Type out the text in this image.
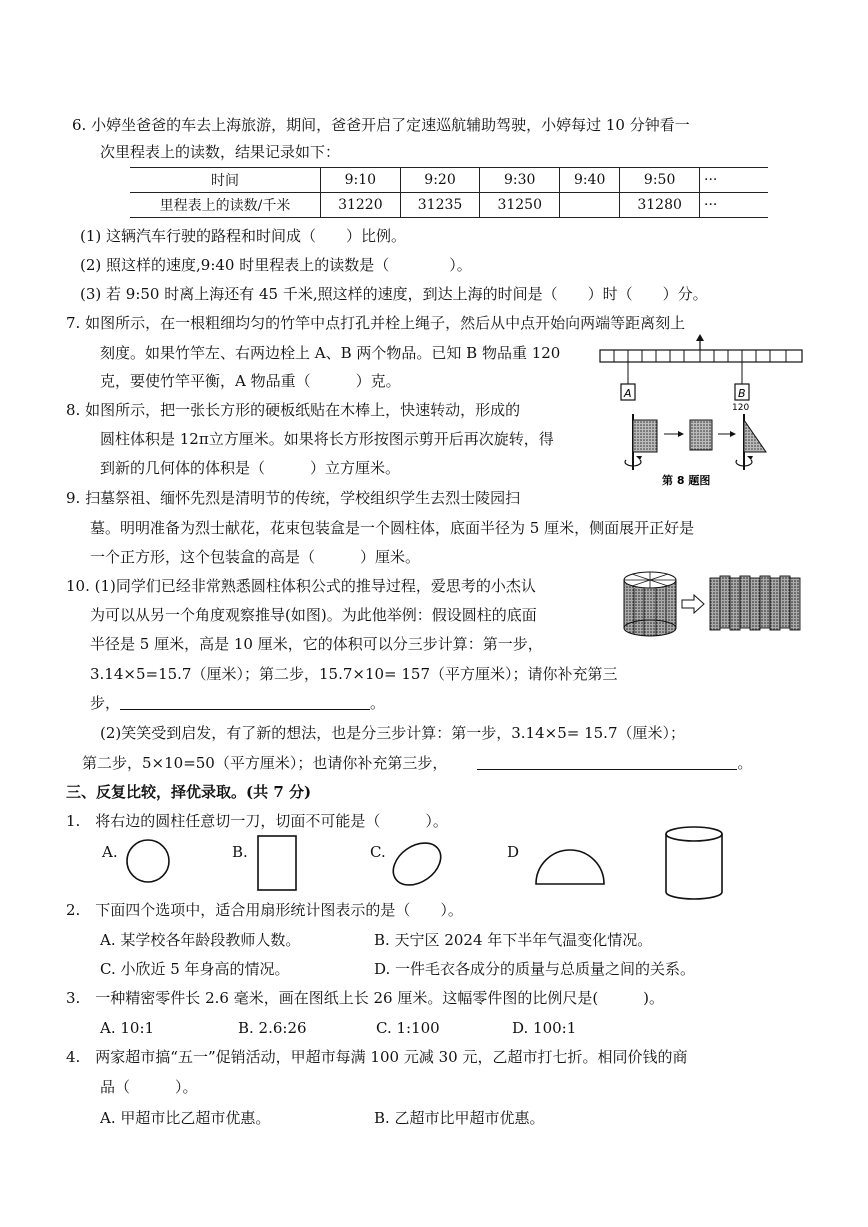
6. 小婷坐爸爸的车去上海旅游，期间，爸爸开启了定速巡航辅助驾驶，小婷每过 10 分钟看一
次里程表上的读数，结果记录如下：
时间	9:10	9:20	9:30	9:40	9:50	···
里程表上的读数/千米	31220	31235	31250		31280	···
(1) 这辆汽车行驶的路程和时间成（　　）比例。
(2) 照这样的速度,9:40 时里程表上的读数是（　　　　）。
(3) 若 9:50 时离上海还有 45 千米,照这样的速度，到达上海的时间是（　　）时（　　）分。
7. 如图所示，在一根粗细均匀的竹竿中点打孔并栓上绳子，然后从中点开始向两端等距离刻上
刻度。如果竹竿左、右两边栓上 A、B 两个物品。已知 B 物品重 120
克，要使竹竿平衡，A 物品重（　　　）克。
A	B
120
8. 如图所示，把一张长方形的硬板纸贴在木棒上，快速转动，形成的
圆柱体积是 12π立方厘米。如果将长方形按图示剪开后再次旋转，得
到新的几何体的体积是（　　　）立方厘米。
第 8 题图
9. 扫墓祭祖、缅怀先烈是清明节的传统，学校组织学生去烈士陵园扫
墓。明明准备为烈士献花，花束包装盒是一个圆柱体，底面半径为 5 厘米，侧面展开正好是
一个正方形，这个包装盒的高是（　　　）厘米。
10. (1)同学们已经非常熟悉圆柱体积公式的推导过程，爱思考的小杰认
为可以从另一个角度观察推导(如图)。为此他举例：假设圆柱的底面
半径是 5 厘米，高是 10 厘米，它的体积可以分三步计算：第一步，
3.14×5=15.7（厘米）；第二步，15.7×10= 157（平方厘米）；请你补充第三
步，	。
(2)笑笑受到启发，有了新的想法，也是分三步计算：第一步，3.14×5= 15.7（厘米）；
第二步，5×10=50（平方厘米）；也请你补充第三步，	。
三、反复比较，择优录取。(共 7 分)
1.　将右边的圆柱任意切一刀，切面不可能是（　　　）。
A.	B.	C.	D
2.　下面四个选项中，适合用扇形统计图表示的是（　　）。
A. 某学校各年龄段教师人数。	B. 天宁区 2024 年下半年气温变化情况。
C. 小欣近 5 年身高的情况。	D. 一件毛衣各成分的质量与总质量之间的关系。
3.　一种精密零件长 2.6 毫米，画在图纸上长 26 厘米。这幅零件图的比例尺是(　　　)。
A. 10:1	B. 2.6:26	C. 1:100	D. 100:1
4.　两家超市搞“五一”促销活动，甲超市每满 100 元减 30 元，乙超市打七折。相同价钱的商
品（　　　）。
A. 甲超市比乙超市优惠。	B. 乙超市比甲超市优惠。
